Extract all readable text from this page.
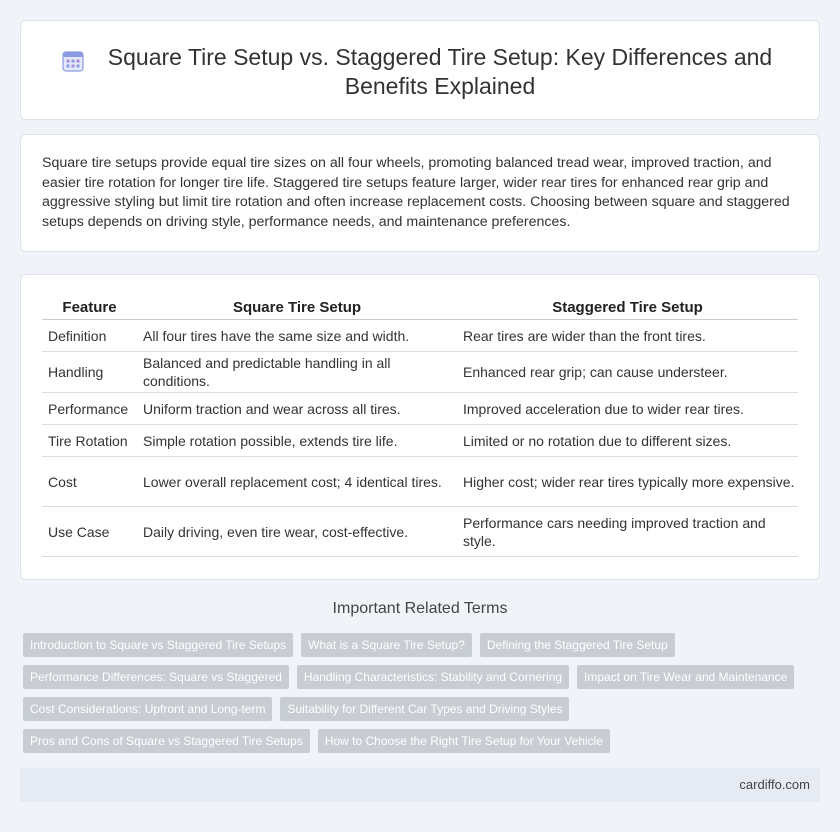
Square Tire Setup vs. Staggered Tire Setup: Key Differences and Benefits Explained

Square tire setups provide equal tire sizes on all four wheels, promoting balanced tread wear, improved traction, and easier tire rotation for longer tire life. Staggered tire setups feature larger, wider rear tires for enhanced rear grip and aggressive styling but limit tire rotation and often increase replacement costs. Choosing between square and staggered setups depends on driving style, performance needs, and maintenance preferences.

Feature	Square Tire Setup	Staggered Tire Setup
Definition	All four tires have the same size and width.	Rear tires are wider than the front tires.
Handling	Balanced and predictable handling in all conditions.	Enhanced rear grip; can cause understeer.
Performance	Uniform traction and wear across all tires.	Improved acceleration due to wider rear tires.
Tire Rotation	Simple rotation possible, extends tire life.	Limited or no rotation due to different sizes.
Cost	Lower overall replacement cost; 4 identical tires.	Higher cost; wider rear tires typically more expensive.
Use Case	Daily driving, even tire wear, cost-effective.	Performance cars needing improved traction and style.
Important Related Terms
Introduction to Square vs Staggered Tire Setups	What is a Square Tire Setup?	Defining the Staggered Tire Setup
Performance Differences: Square vs Staggered	Handling Characteristics: Stability and Cornering	Impact on Tire Wear and Maintenance
Cost Considerations: Upfront and Long-term	Suitability for Different Car Types and Driving Styles
Pros and Cons of Square vs Staggered Tire Setups	How to Choose the Right Tire Setup for Your Vehicle
cardiffo.com
